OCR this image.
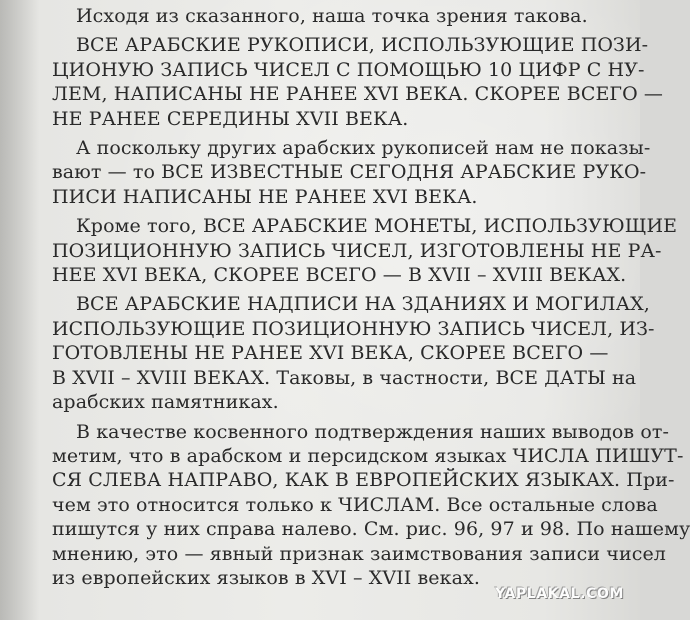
Исходя из сказанного, наша точка зрения такова.
ВСЕ АРАБСКИЕ РУКОПИСИ, ИСПОЛЬЗУЮЩИЕ ПОЗИ-
ЦИОНУЮ ЗАПИСЬ ЧИСЕЛ С ПОМОЩЬЮ 10 ЦИФР С НУ-
ЛЕМ, НАПИСАНЫ НЕ РАНЕЕ XVI ВЕКА. СКОРЕЕ ВСЕГО —
НЕ РАНЕЕ СЕРЕДИНЫ XVII ВЕКА.
А поскольку других арабских рукописей нам не показы-
вают — то ВСЕ ИЗВЕСТНЫЕ СЕГОДНЯ АРАБСКИЕ РУКО-
ПИСИ НАПИСАНЫ НЕ РАНЕЕ XVI ВЕКА.
Кроме того, ВСЕ АРАБСКИЕ МОНЕТЫ, ИСПОЛЬЗУЮЩИЕ
ПОЗИЦИОННУЮ ЗАПИСЬ ЧИСЕЛ, ИЗГОТОВЛЕНЫ НЕ РА-
НЕЕ XVI ВЕКА, СКОРЕЕ ВСЕГО — В XVII – XVIII ВЕКАХ.
ВСЕ АРАБСКИЕ НАДПИСИ НА ЗДАНИЯХ И МОГИЛАХ,
ИСПОЛЬЗУЮЩИЕ ПОЗИЦИОННУЮ ЗАПИСЬ ЧИСЕЛ, ИЗ-
ГОТОВЛЕНЫ НЕ РАНЕЕ XVI ВЕКА, СКОРЕЕ ВСЕГО —
В XVII – XVIII ВЕКАХ. Таковы, в частности, ВСЕ ДАТЫ на
арабских памятниках.
В качестве косвенного подтверждения наших выводов от-
метим, что в арабском и персидском языках ЧИСЛА ПИШУТ-
СЯ СЛЕВА НАПРАВО, КАК В ЕВРОПЕЙСКИХ ЯЗЫКАХ. При-
чем это относится только к ЧИСЛАМ. Все остальные слова
пишутся у них справа налево. См. рис. 96, 97 и 98. По нашему
мнению, это — явный признак заимствования записи чисел
из европейских языков в XVI – XVII веках.
YAPLAKAL.COM
